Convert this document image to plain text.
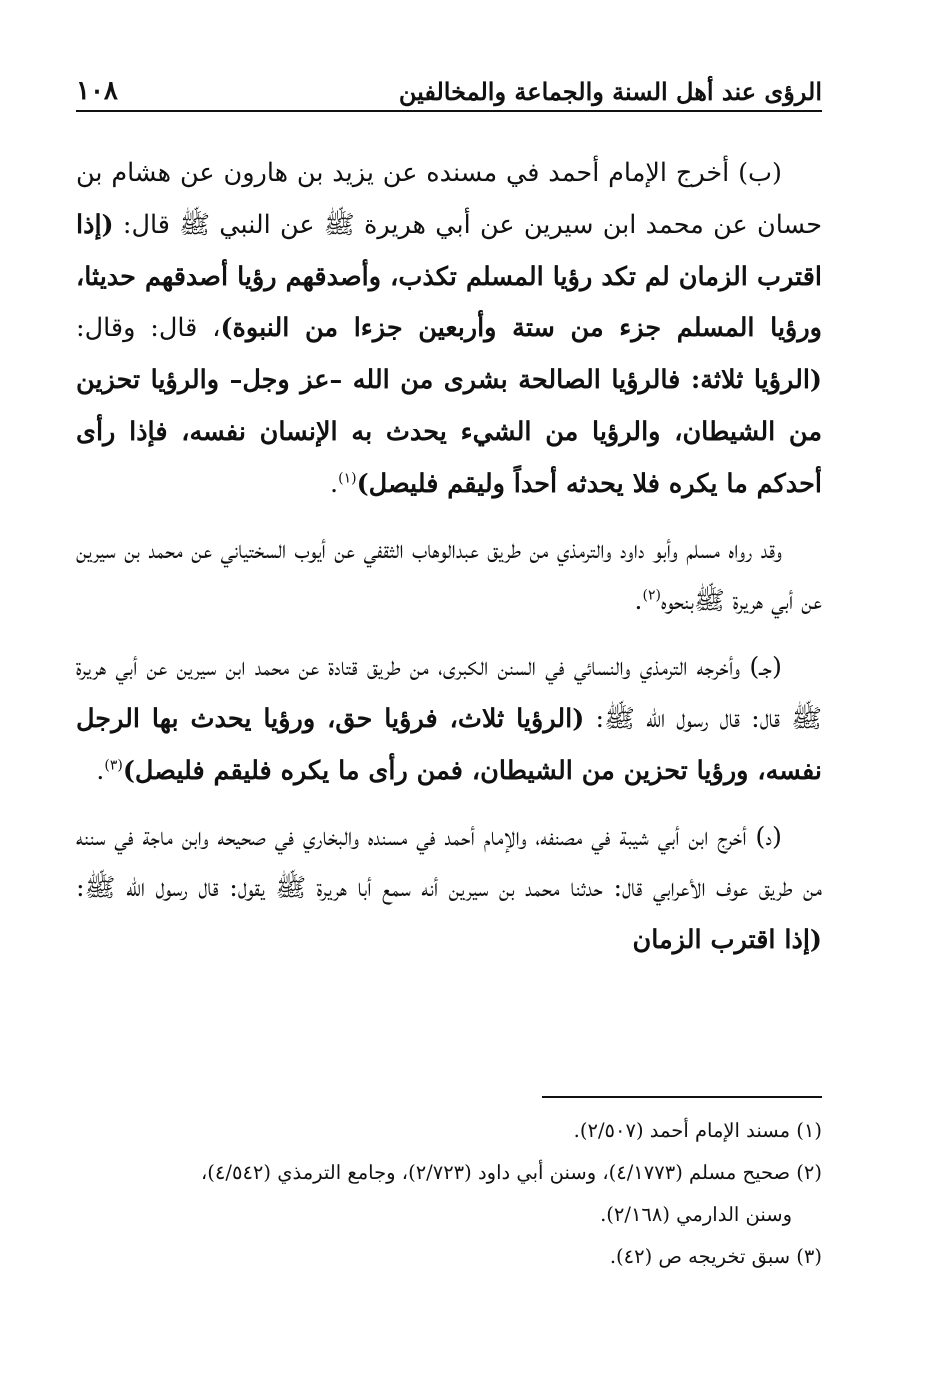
الرؤى عند أهل السنة والجماعة والمخالفين
١٠٨

(ب) أخرج الإمام أحمد في مسنده عن يزيد بن هارون عن هشام بن حسان عن محمد ابن سيرين عن أبي هريرة ﷺ عن النبي ﷺ قال: (إذا اقترب الزمان لم تكد رؤيا المسلم تكذب، وأصدقهم رؤيا أصدقهم حديثا، ورؤيا المسلم جزء من ستة وأربعين جزءا من النبوة)، قال: وقال: (الرؤيا ثلاثة: فالرؤيا الصالحة بشرى من الله –عز وجل– والرؤيا تحزين من الشيطان، والرؤيا من الشيء يحدث به الإنسان نفسه، فإذا رأى أحدكم ما يكره فلا يحدثه أحداً وليقم فليصل)$^{(١)}$.

وقد رواه مسلم وأبو داود والترمذي من طريق عبدالوهاب الثقفي عن أيوب السختياني عن محمد بن سيرين عن أبي هريرة ﷺبنحوه$^{(٢)}$.

(جـ) وأخرجه الترمذي والنسائي في السنن الكبرى، من طريق قتادة عن محمد ابن سيرين عن أبي هريرة ﷺ قال: قال رسول الله ﷺ: (الرؤيا ثلاث، فرؤيا حق، ورؤيا يحدث بها الرجل نفسه، ورؤيا تحزين من الشيطان، فمن رأى ما يكره فليقم فليصل)$^{(٣)}$.

(د) أخرج ابن أبي شيبة في مصنفه، والإمام أحمد في مسنده والبخاري في صحيحه وابن ماجة في سننه من طريق عوف الأعرابي قال: حدثنا محمد بن سيرين أنه سمع أبا هريرة ﷺ يقول: قال رسول الله ﷺ: (إذا اقترب الزمان

(١) مسند الإمام أحمد (٢/٥٠٧).

(٢) صحيح مسلم (٤/١٧٧٣)، وسنن أبي داود (٢/٧٢٣)، وجامع الترمذي (٤/٥٤٢)،
وسنن الدارمي (٢/١٦٨).

(٣) سبق تخريجه ص (٤٢).
